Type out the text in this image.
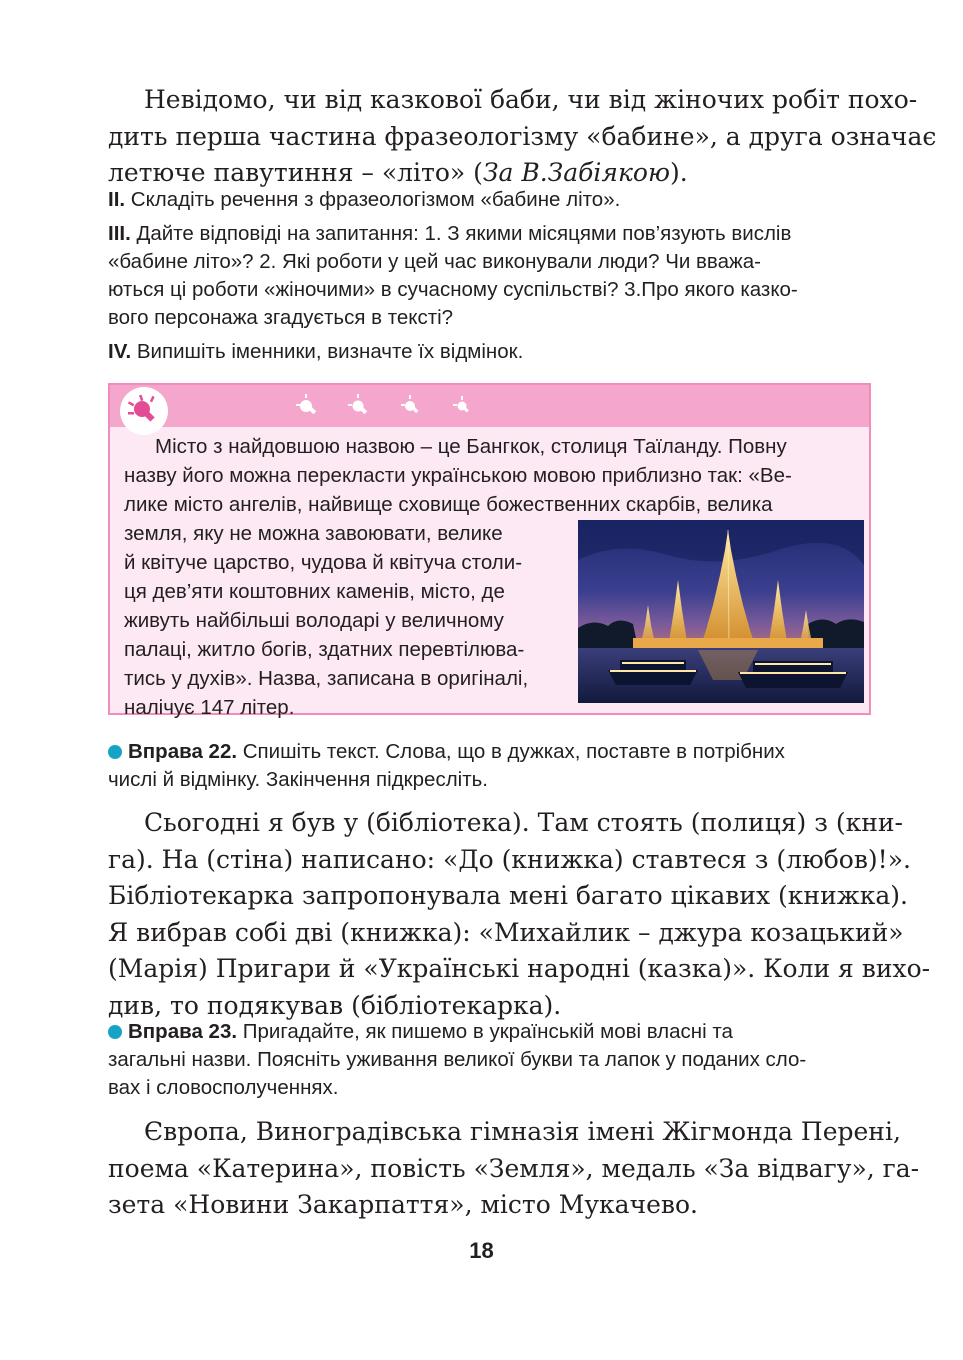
Невідомо, чи від казкової баби, чи від жіночих робіт похо-
дить перша частина фразеологізму «бабине», а друга означає
летюче павутиння – «літо» (За В.Забіякою).
II. Складіть речення з фразеологізмом «бабине літо».
III. Дайте відповіді на запитання: 1. З якими місяцями пов’язують вислів
«бабине літо»? 2. Які роботи у цей час виконували люди? Чи вважа-
ються ці роботи «жіночими» в сучасному суспільстві? 3.Про якого казко-
вого персонажа згадується в тексті?
IV. Випишіть іменники, визначте їх відмінок.
Місто з найдовшою назвою – це Бангкок, столиця Таїланду. Повну
назву його можна перекласти українською мовою приблизно так: «Ве-
лике місто ангелів, найвище сховище божественних скарбів, велика
земля, яку не можна завоювати, велике
й квітуче царство, чудова й квітуча столи-
ця дев’яти коштовних каменів, місто, де
живуть найбільші володарі у величному
палаці, житло богів, здатних перевтілюва-
тись у духів». Назва, записана в оригіналі,
налічує 147 літер.
Вправа 22. Спишіть текст. Слова, що в дужках, поставте в потрібних
числі й відмінку. Закінчення підкресліть.
Сьогодні я був у (бібліотека). Там стоять (полиця) з (кни-
га). На (стіна) написано: «До (книжка) ставтеся з (любов)!».
Бібліотекарка запропонувала мені багато цікавих (книжка).
Я вибрав собі дві (книжка): «Михайлик – джура козацький»
(Марія) Пригари й «Українські народні (казка)». Коли я вихо-
див, то подякував (бібліотекарка).
Вправа 23. Пригадайте, як пишемо в українській мові власні та
загальні назви. Поясніть уживання великої букви та лапок у поданих сло-
вах і словосполученнях.
Європа, Виноградівська гімназія імені Жігмонда Перені,
поема «Катерина», повість «Земля», медаль «За відвагу», га-
зета «Новини Закарпаття», місто Мукачево.
18
